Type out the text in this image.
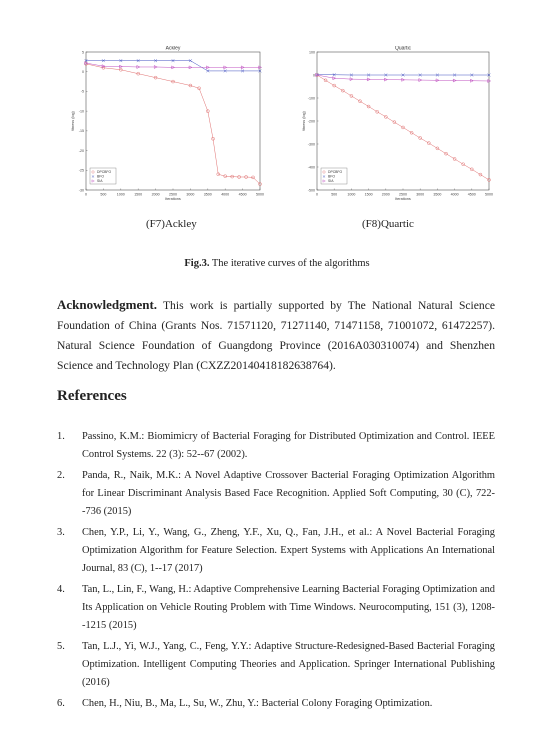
Ackley
0	500	1000	1500	2000	2500	3000	3500	4000	4500	5000
5
0
-5
-10
-15
-20
-25
-30
Iterations
fitness (log)
DPCBFO
BFO
SIA
Quartic
0	500	1000	1500	2000	2500	3000	3500	4000	4500	5000
100
0
-100
-200
-300
-400
-500
Iterations
fitness (log)
DPCBFO
BFO
SIA
(F7)Ackley	(F8)Quartic
Fig.3. The iterative curves of the algorithms
Acknowledgment. This work is partially supported by The National Natural Science Foundation of China (Grants Nos. 71571120, 71271140, 71471158, 71001072, 61472257). Natural Science Foundation of Guangdong Province (2016A030310074) and Shenzhen Science and Technology Plan (CXZZ20140418182638764).
References
1. Passino, K.M.: Biomimicry of Bacterial Foraging for Distributed Optimization and Control. IEEE Control Systems. 22 (3): 52--67 (2002).
2. Panda, R., Naik, M.K.: A Novel Adaptive Crossover Bacterial Foraging Optimization Algorithm for Linear Discriminant Analysis Based Face Recognition. Applied Soft Computing, 30 (C), 722--736 (2015)
3. Chen, Y.P., Li, Y., Wang, G., Zheng, Y.F., Xu, Q., Fan, J.H., et al.: A Novel Bacterial Foraging Optimization Algorithm for Feature Selection. Expert Systems with Applications An International Journal, 83 (C), 1--17 (2017)
4. Tan, L., Lin, F., Wang, H.: Adaptive Comprehensive Learning Bacterial Foraging Optimization and Its Application on Vehicle Routing Problem with Time Windows. Neurocomputing, 151 (3), 1208--1215 (2015)
5. Tan, L.J., Yi, W.J., Yang, C., Feng, Y.Y.: Adaptive Structure-Redesigned-Based Bacterial Foraging Optimization. Intelligent Computing Theories and Application. Springer International Publishing (2016)
6. Chen, H., Niu, B., Ma, L., Su, W., Zhu, Y.: Bacterial Colony Foraging Optimization.
